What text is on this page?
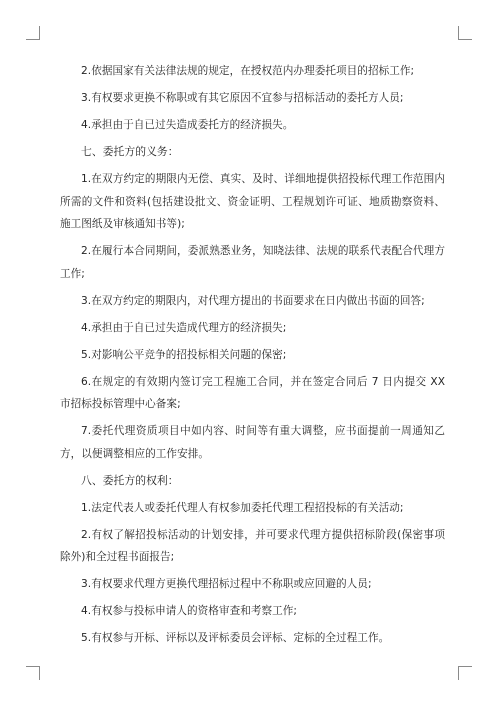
2.依据国家有关法律法规的规定，在授权范内办理委托项目的招标工作;

3.有权要求更换不称职或有其它原因不宜参与招标活动的委托方人员;

4.承担由于自已过失造成委托方的经济损失。

七、委托方的义务：

1.在双方约定的期限内无偿、真实、及时、详细地提供招投标代理工作范围内所需的文件和资料(包括建设批文、资金证明、工程规划许可证、地质勘察资料、施工图纸及审核通知书等);

2.在履行本合同期间，委派熟悉业务，知晓法律、法规的联系代表配合代理方工作;

3.在双方约定的期限内，对代理方提出的书面要求在日内做出书面的回答;

4.承担由于自已过失造成代理方的经济损失;

5.对影响公平竞争的招投标相关问题的保密;

6.在规定的有效期内签订完工程施工合同，并在签定合同后 7 日内提交 XX 市招标投标管理中心备案;

7.委托代理资质项目中如内容、时间等有重大调整，应书面提前一周通知乙方，以便调整相应的工作安排。

八、委托方的权利：

1.法定代表人或委托代理人有权参加委托代理工程招投标的有关活动;

2.有权了解招投标活动的计划安排，并可要求代理方提供招标阶段(保密事项除外)和全过程书面报告;

3.有权要求代理方更换代理招标过程中不称职或应回避的人员;

4.有权参与投标申请人的资格审查和考察工作;

5.有权参与开标、评标以及评标委员会评标、定标的全过程工作。
